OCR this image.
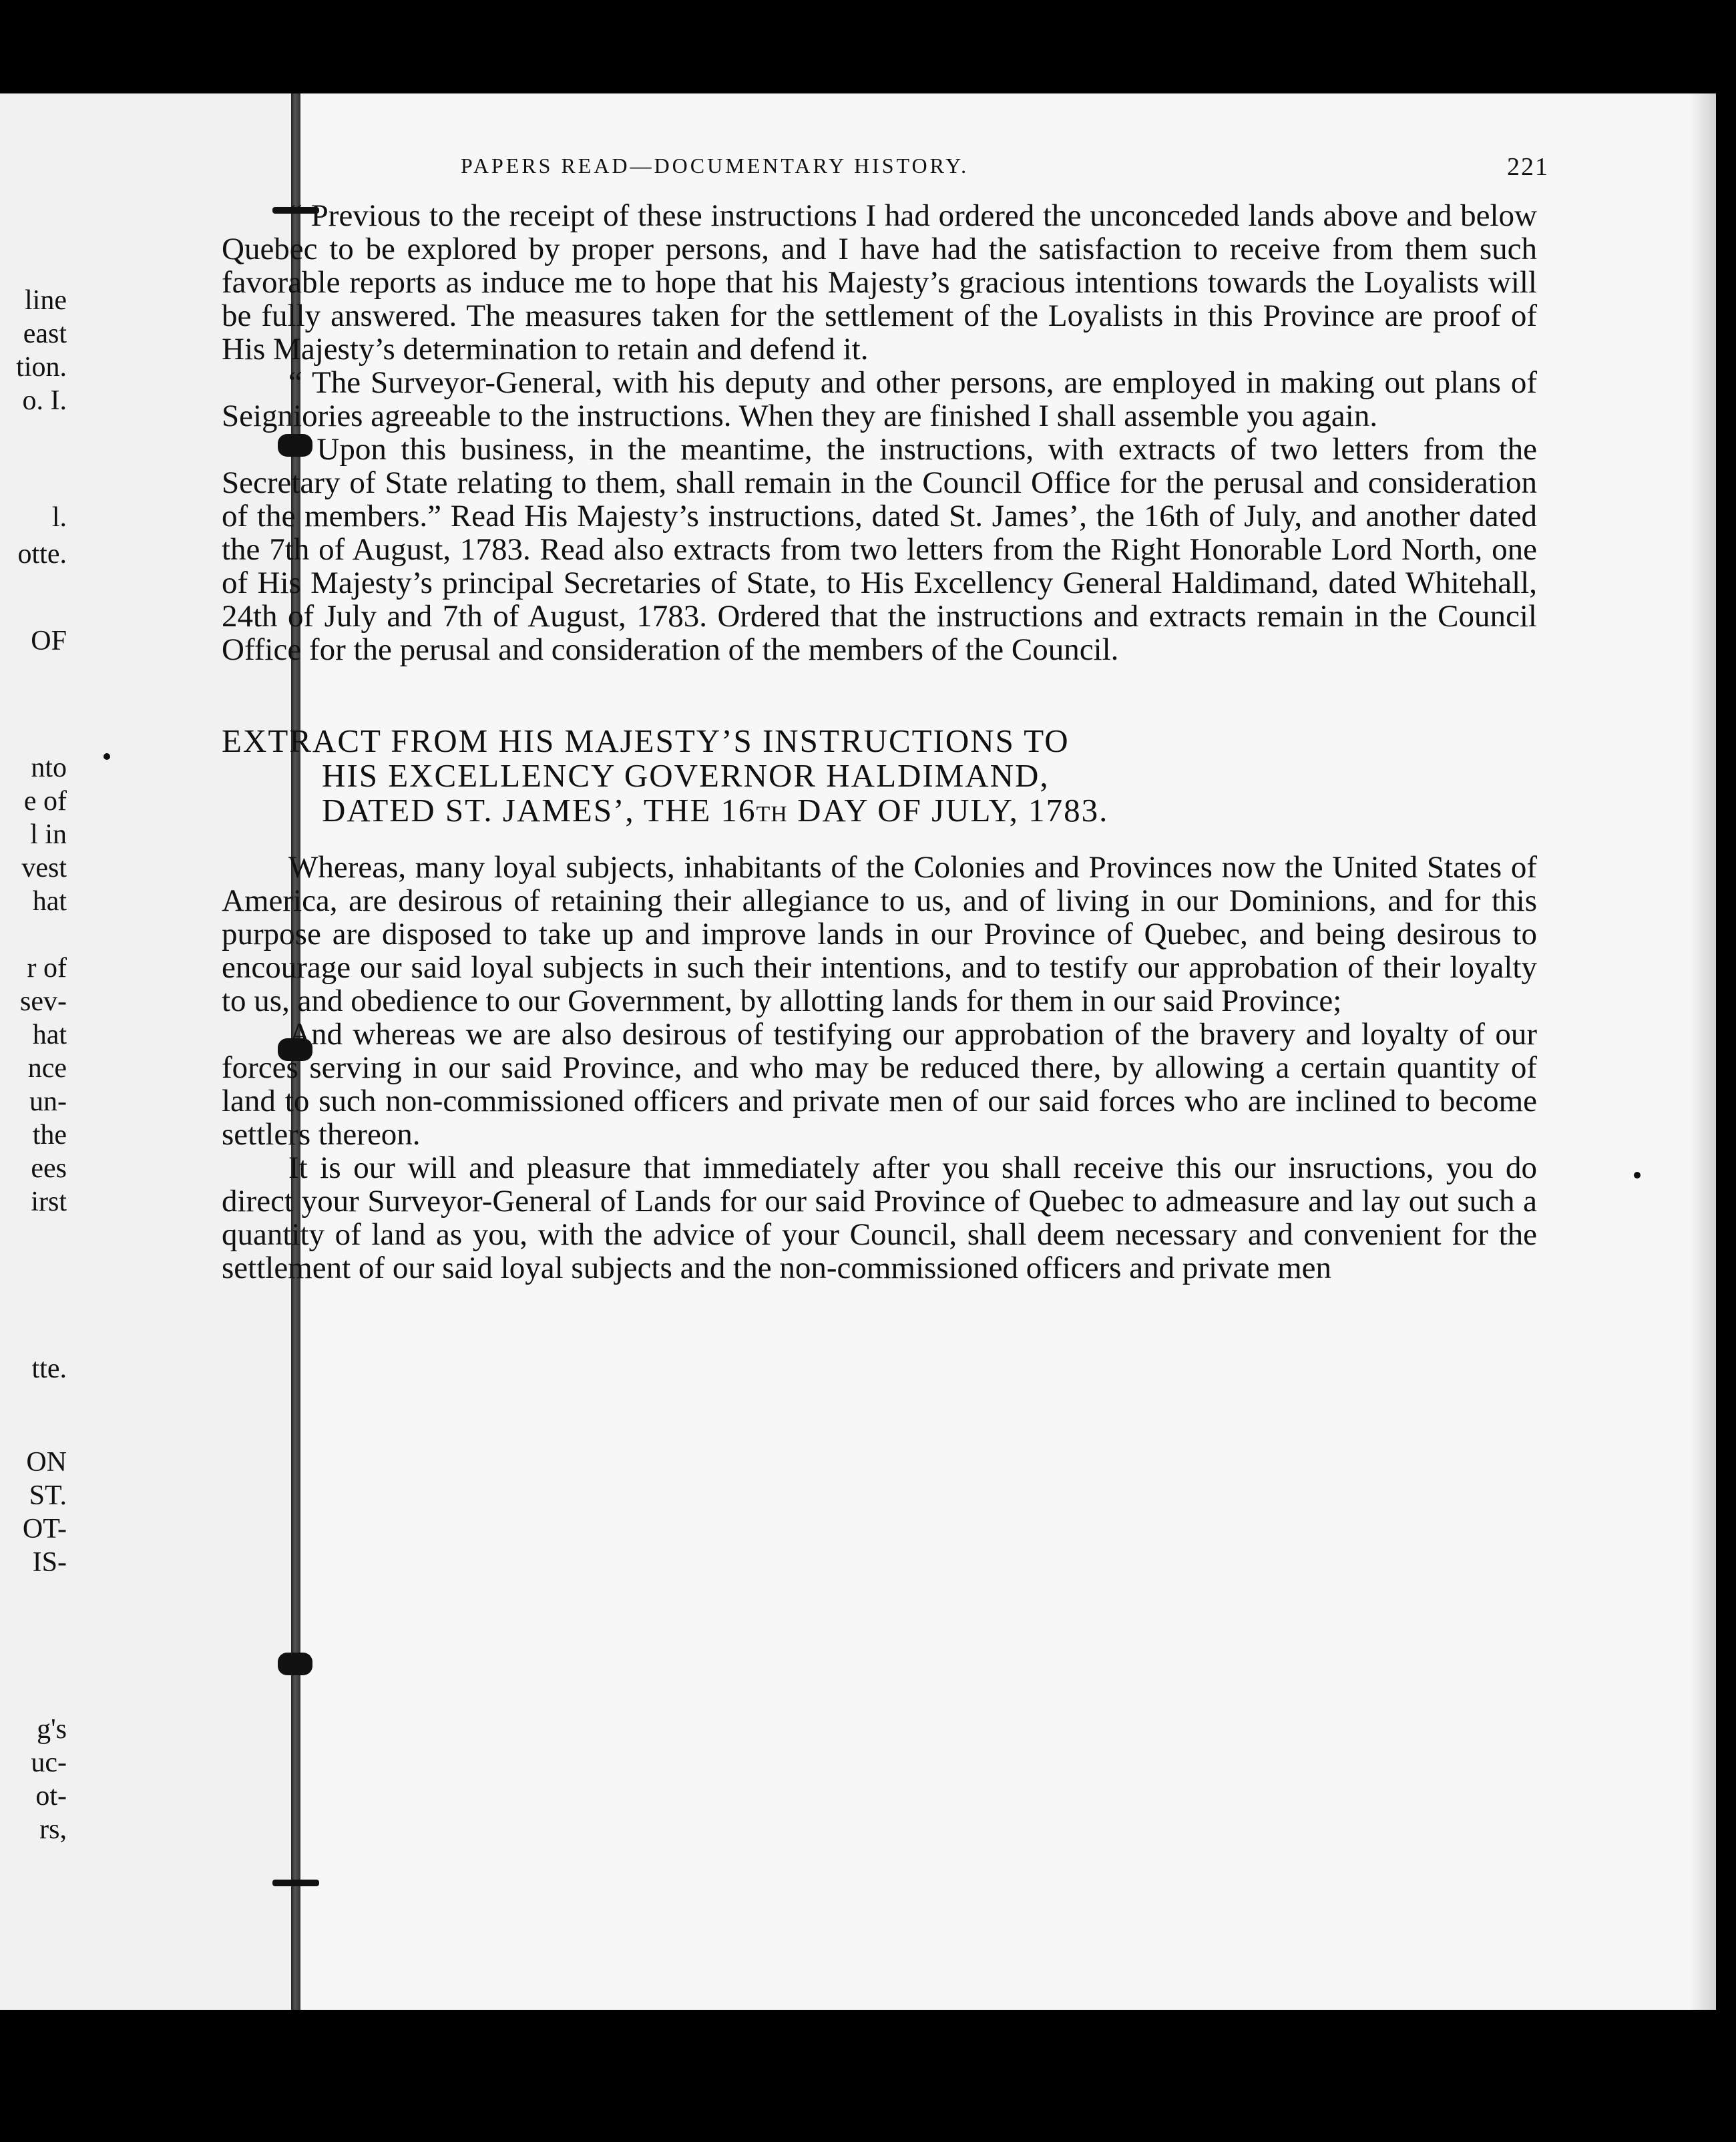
line
east
tion.
o. I.
l.
otte.
OF
nto
e of
l in
vest
hat
r of
sev-
hat
nce
un-
the
ees
irst
tte.
ON
ST.
OT-
IS-
g's
uc-
ot-
rs,
PAPERS READ—DOCUMENTARY HISTORY.	221

“ Previous to the receipt of these instructions I had ordered the unconceded lands above and below Quebec to be explored by proper persons, and I have had the satisfaction to receive from them such favorable reports as induce me to hope that his Majesty’s gracious intentions towards the Loyalists will be fully answered. The measures taken for the settlement of the Loyalists in this Province are proof of His Majesty’s determination to retain and defend it.

“ The Surveyor-General, with his deputy and other persons, are employed in making out plans of Seigniories agreeable to the instructions. When they are finished I shall assemble you again.

“ Upon this business, in the meantime, the instructions, with extracts of two letters from the Secretary of State relating to them, shall remain in the Council Office for the perusal and consideration of the members.” Read His Majesty’s instructions, dated St. James’, the 16th of July, and another dated the 7th of August, 1783. Read also extracts from two letters from the Right Honorable Lord North, one of His Majesty’s principal Secretaries of State, to His Excellency General Haldimand, dated Whitehall, 24th of July and 7th of August, 1783. Ordered that the instructions and extracts remain in the Council Office for the perusal and consideration of the members of the Council.

EXTRACT FROM HIS MAJESTY’S INSTRUCTIONS TO
HIS EXCELLENCY GOVERNOR HALDIMAND,
DATED ST. JAMES’, THE 16TH DAY OF JULY, 1783.

Whereas, many loyal subjects, inhabitants of the Colonies and Provinces now the United States of America, are desirous of retaining their allegiance to us, and of living in our Dominions, and for this purpose are disposed to take up and improve lands in our Province of Quebec, and being desirous to encourage our said loyal subjects in such their intentions, and to testify our approbation of their loyalty to us, and obedience to our Government, by allotting lands for them in our said Province;

And whereas we are also desirous of testifying our approbation of the bravery and loyalty of our forces serving in our said Province, and who may be reduced there, by allowing a certain quantity of land to such non-commissioned officers and private men of our said forces who are inclined to become settlers thereon.

It is our will and pleasure that immediately after you shall receive this our insructions, you do direct your Surveyor-General of Lands for our said Province of Quebec to admeasure and lay out such a quantity of land as you, with the advice of your Council, shall deem necessary and convenient for the settlement of our said loyal subjects and the non-commissioned officers and private men
